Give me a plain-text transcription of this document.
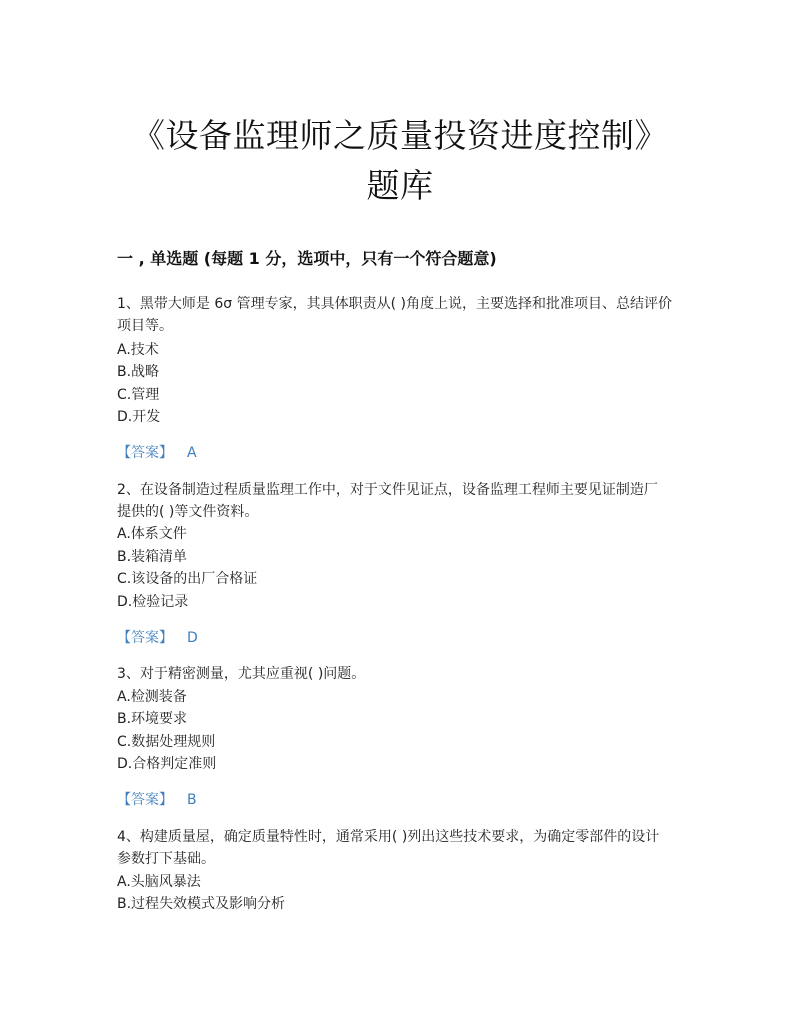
《设备监理师之质量投资进度控制》
题库
一 , 单选题 (每题 1 分，选项中，只有一个符合题意)
1、黑带大师是 6σ 管理专家，其具体职责从( )角度上说，主要选择和批准项目、总结评价
项目等。
A.技术
B.战略
C.管理
D.开发
【答案】 A
2、在设备制造过程质量监理工作中，对于文件见证点，设备监理工程师主要见证制造厂
提供的( )等文件资料。
A.体系文件
B.装箱清单
C.该设备的出厂合格证
D.检验记录
【答案】 D
3、对于精密测量，尤其应重视( )问题。
A.检测装备
B.环境要求
C.数据处理规则
D.合格判定准则
【答案】 B
4、构建质量屋，确定质量特性时，通常采用( )列出这些技术要求，为确定零部件的设计
参数打下基础。
A.头脑风暴法
B.过程失效模式及影响分析
